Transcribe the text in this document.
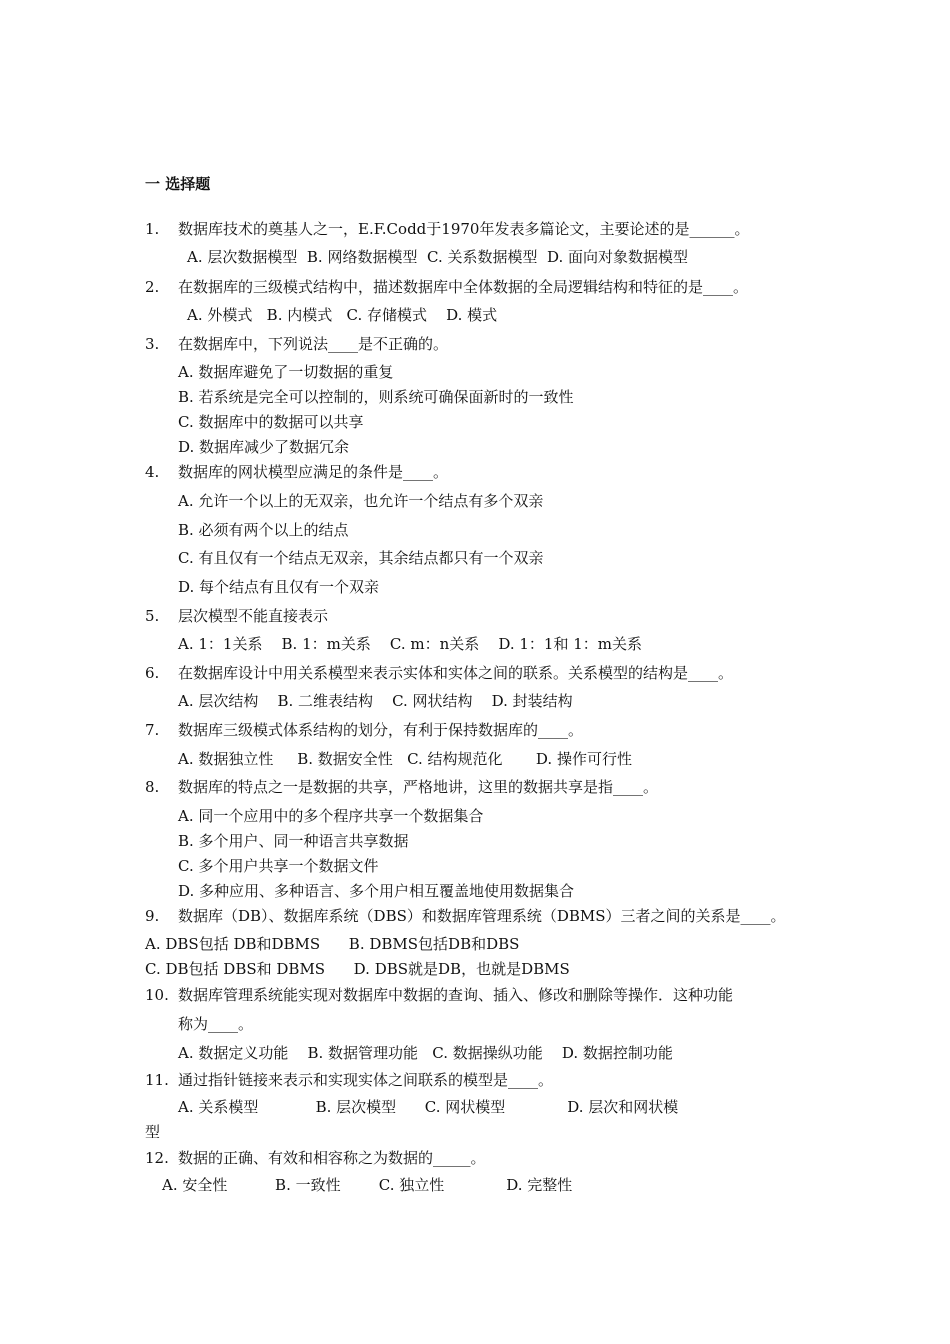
一 选择题
1. 数据库技术的奠基人之一，E.F.Codd于1970年发表多篇论文，主要论述的是______。
A. 层次数据模型  B. 网络数据模型  C. 关系数据模型  D. 面向对象数据模型
2. 在数据库的三级模式结构中，描述数据库中全体数据的全局逻辑结构和特征的是____。
A. 外模式   B. 内模式   C. 存储模式    D. 模式
3. 在数据库中，下列说法____是不正确的。
A. 数据库避免了一切数据的重复
B. 若系统是完全可以控制的，则系统可确保面新时的一致性
C. 数据库中的数据可以共享
D. 数据库减少了数据冗余
4. 数据库的网状模型应满足的条件是____。
A. 允许一个以上的无双亲，也允许一个结点有多个双亲
B. 必须有两个以上的结点
C. 有且仅有一个结点无双亲，其余结点都只有一个双亲
D. 每个结点有且仅有一个双亲
5. 层次模型不能直接表示
A. 1：1关系    B. 1：m关系    C. m：n关系    D. 1：1和 1：m关系
6. 在数据库设计中用关系模型来表示实体和实体之间的联系。关系模型的结构是____。
A. 层次结构    B. 二维表结构    C. 网状结构    D. 封装结构
7. 数据库三级模式体系结构的划分，有利于保持数据库的____。
A. 数据独立性     B. 数据安全性   C. 结构规范化       D. 操作可行性
8. 数据库的特点之一是数据的共享，严格地讲，这里的数据共享是指____。
A. 同一个应用中的多个程序共享一个数据集合
B. 多个用户、同一种语言共享数据
C. 多个用户共享一个数据文件
D. 多种应用、多种语言、多个用户相互覆盖地使用数据集合
9. 数据库（DB）、数据库系统（DBS）和数据库管理系统（DBMS）三者之间的关系是____。
A. DBS包括 DB和DBMS      B. DBMS包括DB和DBS
C. DB包括 DBS和 DBMS      D. DBS就是DB，也就是DBMS
10. 数据库管理系统能实现对数据库中数据的查询、插入、修改和删除等操作．这种功能
称为____。
A. 数据定义功能    B. 数据管理功能   C. 数据操纵功能    D. 数据控制功能
11. 通过指针链接来表示和实现实体之间联系的模型是____。
A. 关系模型            B. 层次模型      C. 网状模型             D. 层次和网状模
型
12. 数据的正确、有效和相容称之为数据的_____。
A. 安全性          B. 一致性        C. 独立性             D. 完整性
